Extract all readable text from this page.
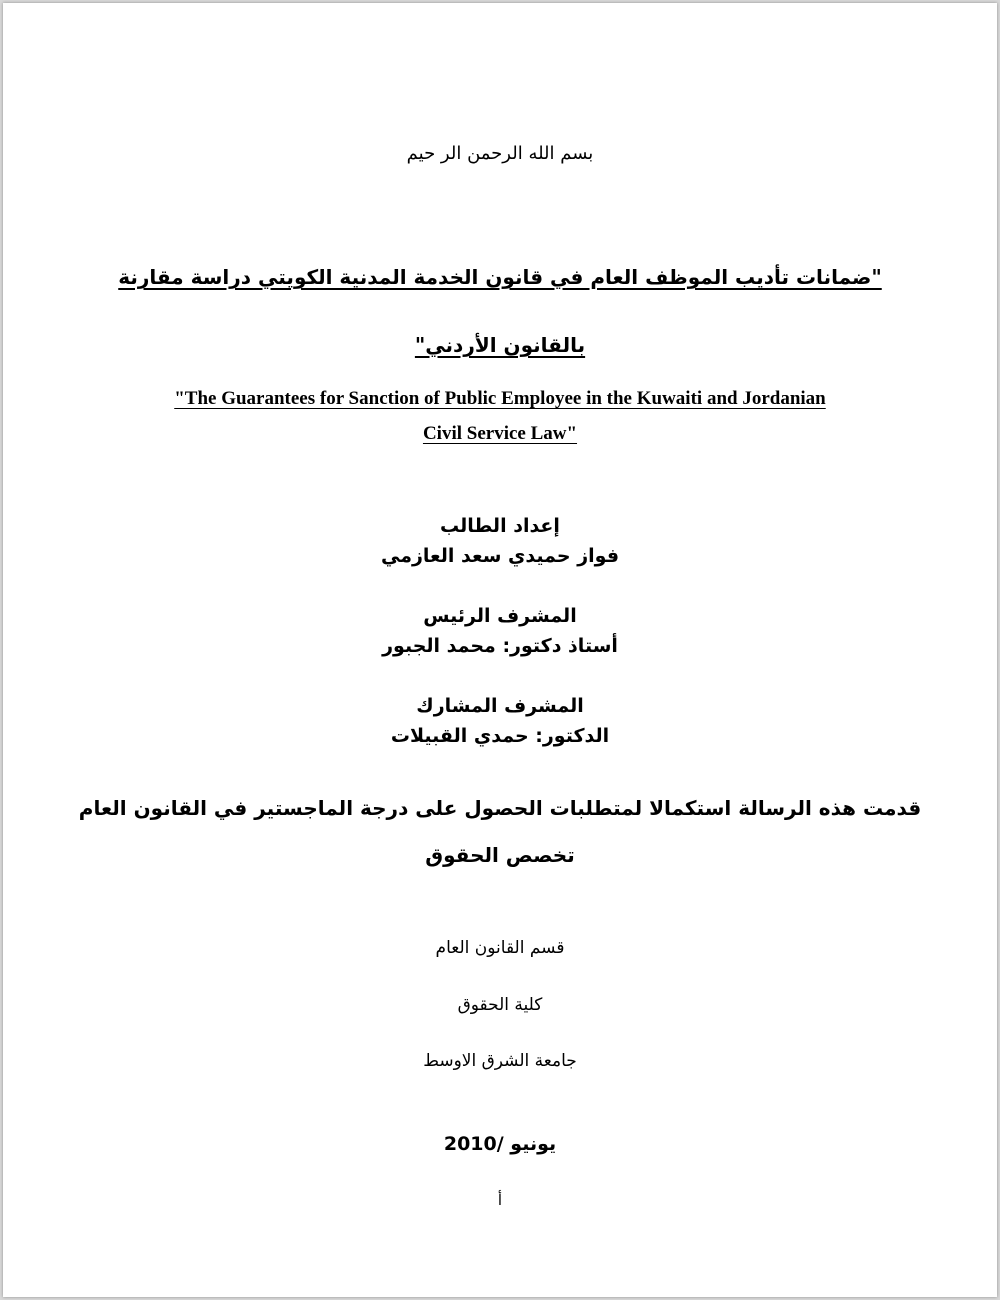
بسم الله الرحمن الر حيم
"ضمانات تأديب الموظف العام في قانون الخدمة المدنية الكويتي دراسة مقارنة
بالقانون الأردني"
"The Guarantees for Sanction of Public Employee in the Kuwaiti and Jordanian
Civil Service Law"
إعداد الطالب
فواز حميدي سعد العازمي
المشرف الرئيس
أستاذ دكتور: محمد الجبور
المشرف المشارك
الدكتور: حمدي القبيلات
قدمت هذه الرسالة استكمالا لمتطلبات الحصول على درجة الماجستير في القانون العام
تخصص الحقوق
قسم القانون العام
كلية الحقوق
جامعة الشرق الاوسط
يونيو /2010
أ
